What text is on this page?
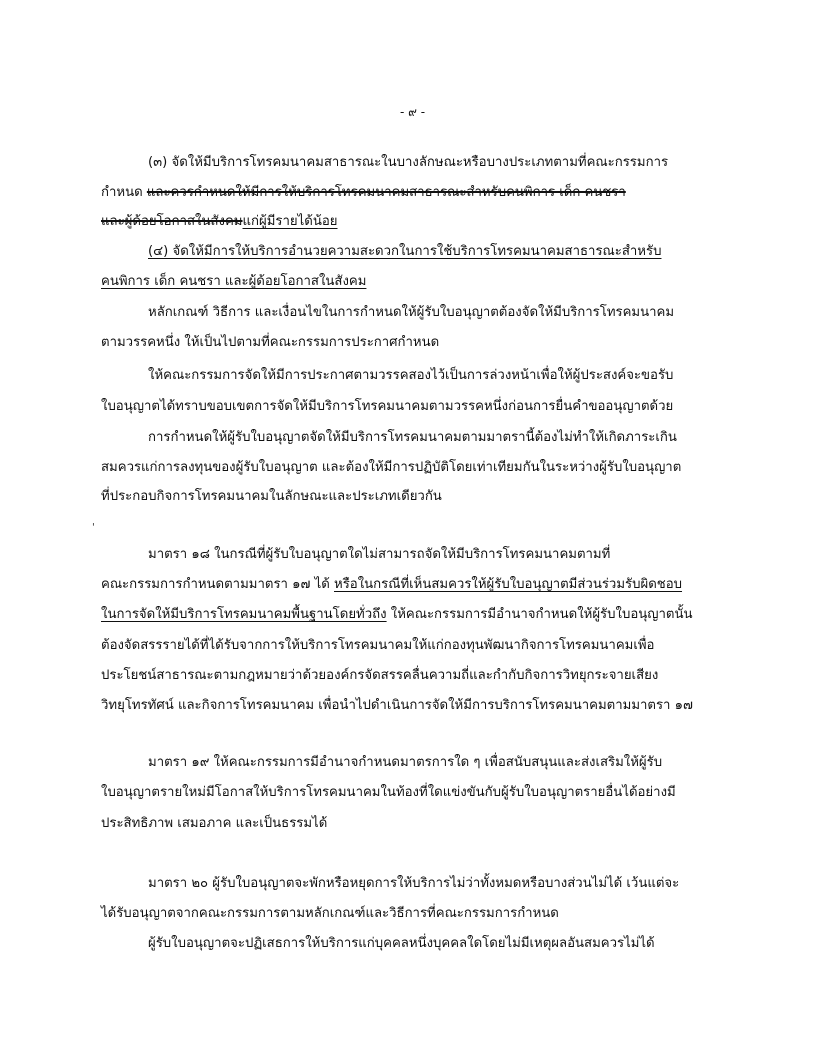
- ๙ -
(๓) จัดให้มีบริการโทรคมนาคมสาธารณะในบางลักษณะหรือบางประเภทตามที่คณะกรรมการ
กำหนด และควรกำหนดให้มีการให้บริการโทรคมนาคมสาธารณะสำหรับคนพิการ เด็ก คนชรา
และผู้ด้อยโอกาสในสังคมแก่ผู้มีรายได้น้อย
(๔) จัดให้มีการให้บริการอำนวยความสะดวกในการใช้บริการโทรคมนาคมสาธารณะสำหรับ
คนพิการ เด็ก คนชรา และผู้ด้อยโอกาสในสังคม
หลักเกณฑ์ วิธีการ และเงื่อนไขในการกำหนดให้ผู้รับใบอนุญาตต้องจัดให้มีบริการโทรคมนาคม
ตามวรรคหนึ่ง ให้เป็นไปตามที่คณะกรรมการประกาศกำหนด
ให้คณะกรรมการจัดให้มีการประกาศตามวรรคสองไว้เป็นการล่วงหน้าเพื่อให้ผู้ประสงค์จะขอรับ
ใบอนุญาตได้ทราบขอบเขตการจัดให้มีบริการโทรคมนาคมตามวรรคหนึ่งก่อนการยื่นคำขออนุญาตด้วย
การกำหนดให้ผู้รับใบอนุญาตจัดให้มีบริการโทรคมนาคมตามมาตรานี้ต้องไม่ทำให้เกิดภาระเกิน
สมควรแก่การลงทุนของผู้รับใบอนุญาต และต้องให้มีการปฏิบัติโดยเท่าเทียมกันในระหว่างผู้รับใบอนุญาต
ที่ประกอบกิจการโทรคมนาคมในลักษณะและประเภทเดียวกัน
'
มาตรา ๑๘ ในกรณีที่ผู้รับใบอนุญาตใดไม่สามารถจัดให้มีบริการโทรคมนาคมตามที่
คณะกรรมการกำหนดตามมาตรา ๑๗ ได้ หรือในกรณีที่เห็นสมควรให้ผู้รับใบอนุญาตมีส่วนร่วมรับผิดชอบ
ในการจัดให้มีบริการโทรคมนาคมพื้นฐานโดยทั่วถึง ให้คณะกรรมการมีอำนาจกำหนดให้ผู้รับใบอนุญาตนั้น
ต้องจัดสรรรายได้ที่ได้รับจากการให้บริการโทรคมนาคมให้แก่กองทุนพัฒนากิจการโทรคมนาคมเพื่อ
ประโยชน์สาธารณะตามกฎหมายว่าด้วยองค์กรจัดสรรคลื่นความถี่และกำกับกิจการวิทยุกระจายเสียง
วิทยุโทรทัศน์ และกิจการโทรคมนาคม เพื่อนำไปดำเนินการจัดให้มีการบริการโทรคมนาคมตามมาตรา ๑๗
มาตรา ๑๙ ให้คณะกรรมการมีอำนาจกำหนดมาตรการใด ๆ เพื่อสนับสนุนและส่งเสริมให้ผู้รับ
ใบอนุญาตรายใหม่มีโอกาสให้บริการโทรคมนาคมในท้องที่ใดแข่งขันกับผู้รับใบอนุญาตรายอื่นได้อย่างมี
ประสิทธิภาพ เสมอภาค และเป็นธรรมได้
มาตรา ๒๐ ผู้รับใบอนุญาตจะพักหรือหยุดการให้บริการไม่ว่าทั้งหมดหรือบางส่วนไม่ได้ เว้นแต่จะ
ได้รับอนุญาตจากคณะกรรมการตามหลักเกณฑ์และวิธีการที่คณะกรรมการกำหนด
ผู้รับใบอนุญาตจะปฏิเสธการให้บริการแก่บุคคลหนึ่งบุคคลใดโดยไม่มีเหตุผลอันสมควรไม่ได้
